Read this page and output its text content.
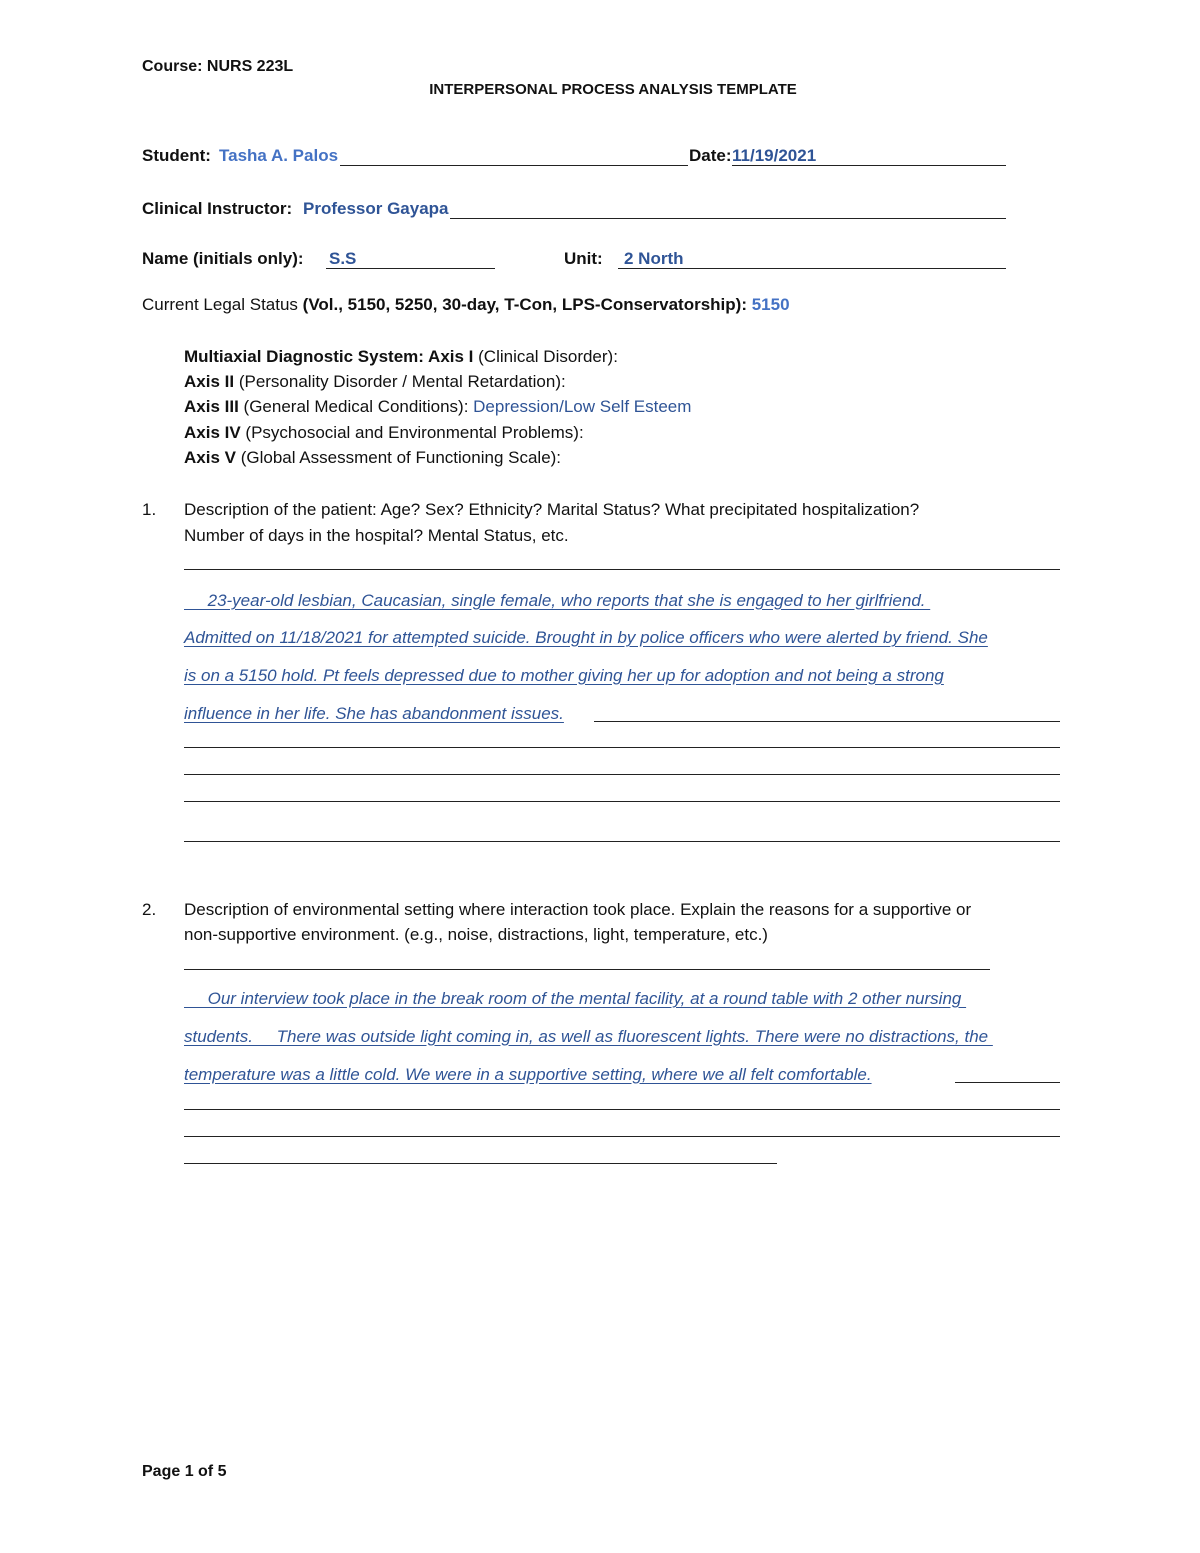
Course: NURS 223L
INTERPERSONAL PROCESS ANALYSIS TEMPLATE
Student: Tasha A. Palos	Date: 11/19/2021
Clinical Instructor: Professor Gayapa
Name (initials only): S.S	Unit: 2 North
Current Legal Status (Vol., 5150, 5250, 30-day, T-Con, LPS-Conservatorship): 5150
Multiaxial Diagnostic System: Axis I (Clinical Disorder):
Axis II (Personality Disorder / Mental Retardation):
Axis III (General Medical Conditions): Depression/Low Self Esteem
Axis IV (Psychosocial and Environmental Problems):
Axis V (Global Assessment of Functioning Scale):
1. Description of the patient: Age? Sex? Ethnicity? Marital Status? What precipitated hospitalization?
Number of days in the hospital? Mental Status, etc.
23-year-old lesbian, Caucasian, single female, who reports that she is engaged to her girlfriend.
Admitted on 11/18/2021 for attempted suicide. Brought in by police officers who were alerted by friend. She
is on a 5150 hold. Pt feels depressed due to mother giving her up for adoption and not being a strong
influence in her life. She has abandonment issues.
2. Description of environmental setting where interaction took place. Explain the reasons for a supportive or
non-supportive environment. (e.g., noise, distractions, light, temperature, etc.)
Our interview took place in the break room of the mental facility, at a round table with 2 other nursing
students.     There was outside light coming in, as well as fluorescent lights. There were no distractions, the
temperature was a little cold. We were in a supportive setting, where we all felt comfortable.
Page 1 of 5
